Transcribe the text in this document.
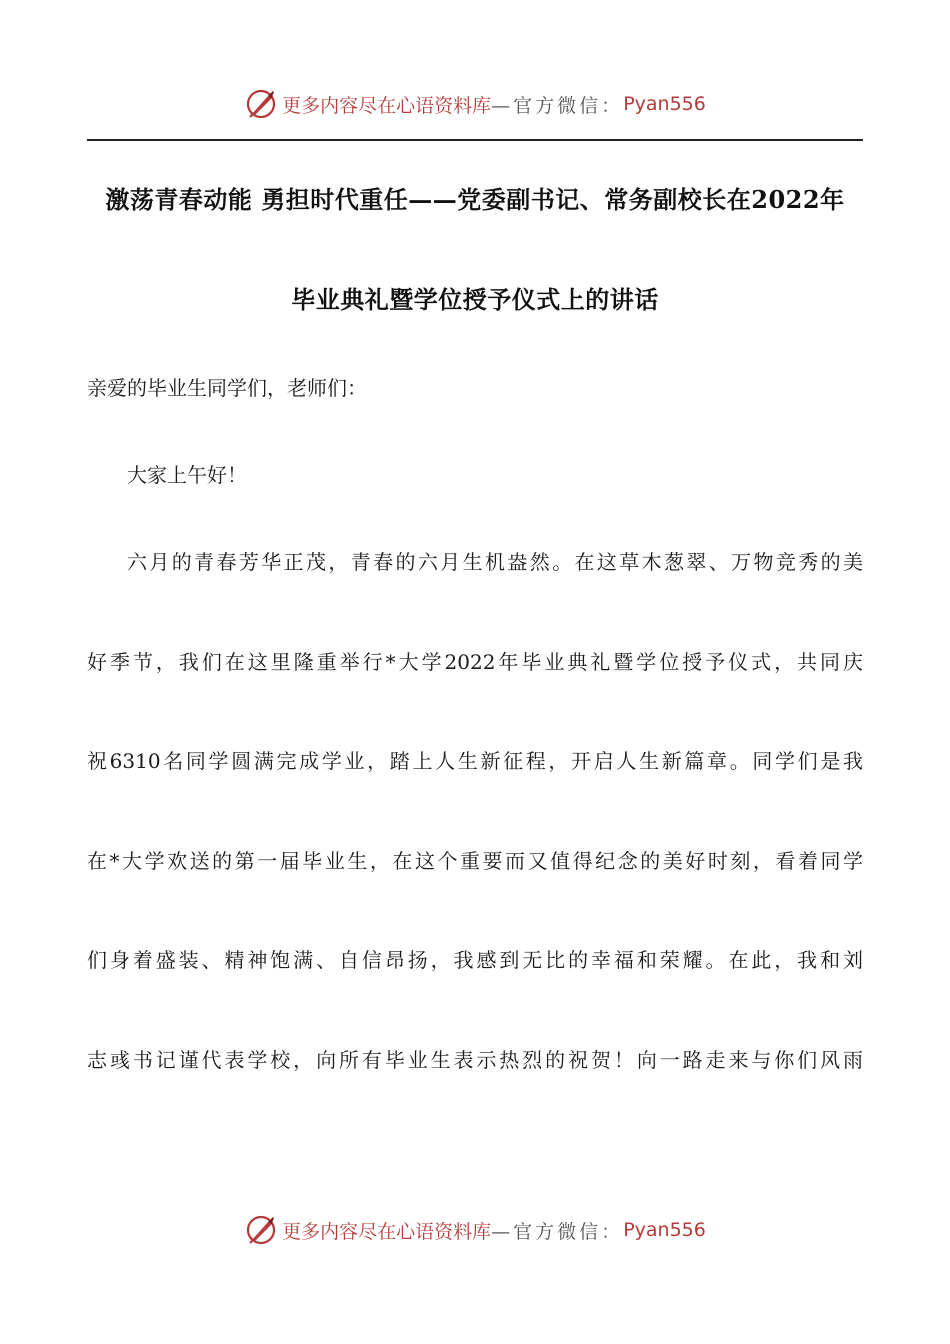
更多内容尽在心语资料库 —官方微信： Pyan556
激荡青春动能 勇担时代重任——党委副书记、常务副校长在2022年
毕业典礼暨学位授予仪式上的讲话
亲爱的毕业生同学们，老师们：
大家上午好！
六月的青春芳华正茂，青春的六月生机盎然。在这草木葱翠、万物竞秀的美
好季节，我们在这里隆重举行*大学2022年毕业典礼暨学位授予仪式，共同庆
祝6310名同学圆满完成学业，踏上人生新征程，开启人生新篇章。同学们是我
在*大学欢送的第一届毕业生，在这个重要而又值得纪念的美好时刻，看着同学
们身着盛装、精神饱满、自信昂扬，我感到无比的幸福和荣耀。在此，我和刘
志彧书记谨代表学校，向所有毕业生表示热烈的祝贺！向一路走来与你们风雨
更多内容尽在心语资料库 —官方微信： Pyan556
